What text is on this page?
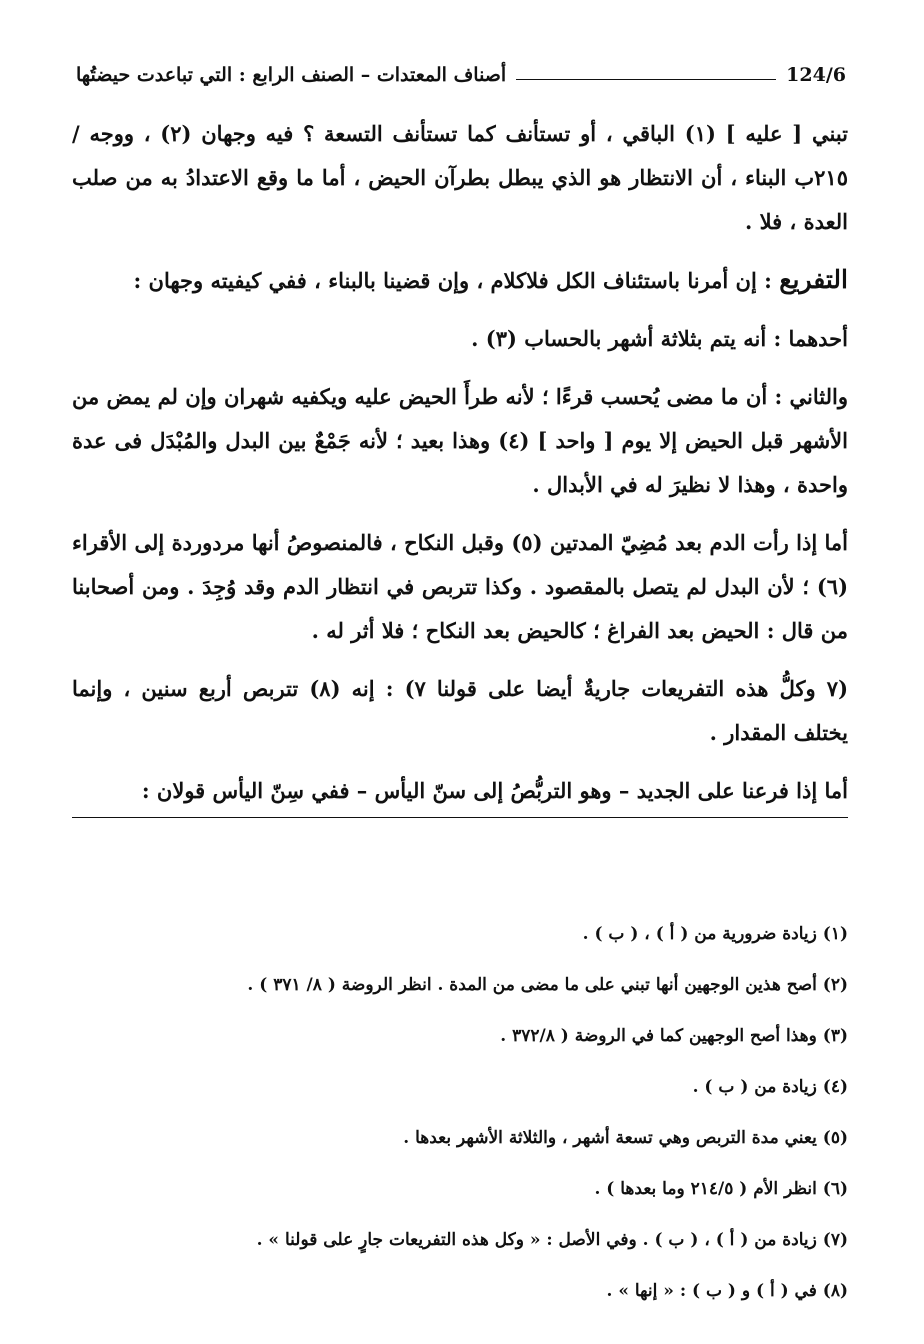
124/6
أصناف المعتدات – الصنف الرابع : التي تباعدت حيضتُها

تبني [ عليه ] (١) الباقي ، أو تستأنف كما تستأنف التسعة ؟ فيه وجهان (٢) ، ووجه /٢١٥ب البناء ، أن الانتظار هو الذي يبطل بطرآن الحيض ، أما ما وقع الاعتدادُ به من صلب العدة ، فلا .

التفريع : إن أمرنا باستئناف الكل فلاكلام ، وإن قضينا بالبناء ، ففي كيفيته وجهان :

أحدهما : أنه يتم بثلاثة أشهر بالحساب (٣) .

والثاني : أن ما مضى يُحسب قرءًا ؛ لأنه طرأَ الحيض عليه ويكفيه شهران وإن لم يمض من الأشهر قبل الحيض إلا يوم [ واحد ] (٤) وهذا بعيد ؛ لأنه جَمْعٌ بين البدل والمُبْدَل فى عدة واحدة ، وهذا لا نظيرَ له في الأبدال .

أما إذا رأت الدم بعد مُضِيّ المدتين (٥) وقبل النكاح ، فالمنصوصُ أنها مردوردة إلى الأقراء (٦) ؛ لأن البدل لم يتصل بالمقصود . وكذا تتربص في انتظار الدم وقد وُجِدَ . ومن أصحابنا من قال : الحيض بعد الفراغ ؛ كالحيض بعد النكاح ؛ فلا أثر له .

(٧ وكلُّ هذه التفريعات جاريةٌ أيضا على قولنا ٧) : إنه (٨) تتربص أربع سنين ، وإنما يختلف المقدار .

أما إذا فرعنا على الجديد – وهو التربُّصُ إلى سنّ اليأس – ففي سِنّ اليأس قولان :

(١) زيادة ضرورية من ( أ ) ، ( ب ) .
(٢) أصح هذين الوجهين أنها تبني على ما مضى من المدة . انظر الروضة ( ٨/ ٣٧١ ) .
(٣) وهذا أصح الوجهين كما في الروضة ( ٣٧٢/٨ .
(٤) زيادة من ( ب ) .
(٥) يعني مدة التربص وهي تسعة أشهر ، والثلاثة الأشهر بعدها .
(٦) انظر الأم ( ٢١٤/٥ وما بعدها ) .
(٧) زيادة من ( أ ) ، ( ب ) . وفي الأصل : « وكل هذه التفريعات جارٍ على قولنا » .
(٨) في ( أ ) و ( ب ) : « إنها » .
